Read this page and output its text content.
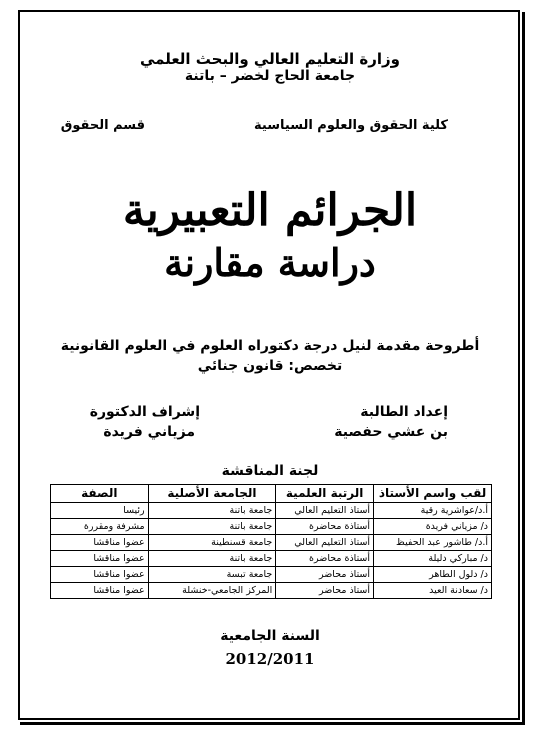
وزارة التعليم العالي والبحث العلمي
جامعة الحاج لخضر – باتنة
كلية الحقوق والعلوم السياسية
قسم الحقوق
الجرائم التعبيرية
دراسة مقارنة
أطروحة مقدمة لنيل درجة دكتوراه العلوم في العلوم القانونية
تخصص: قانون جنائي
إعداد الطالبة
بن عشي حفصية
إشراف الدكتورة
مزياني فريدة
لجنة المناقشة
لقب واسم الأستاذ	الرتبة العلمية	الجامعة الأصلية	الصفة
أ.د/عواشرية رقية	أستاذ التعليم العالي	جامعة باتنة	رئيسا
د/ مزياني فريدة	أستاذة محاضرة	جامعة باتنة	مشرفة ومقررة
أ.د/ طاشور عبد الحفيظ	أستاذ التعليم العالي	جامعة قسنطينة	عضوا مناقشا
د/ مباركي دليلة	أستاذة محاضرة	جامعة باتنة	عضوا مناقشا
د/ دلول الطاهر	أستاذ محاضر	جامعة تبسة	عضوا مناقشا
د/ سعادنة العيد	أستاذ محاضر	المركز الجامعي-خنشلة	عضوا مناقشا
السنة الجامعية
2012/2011
